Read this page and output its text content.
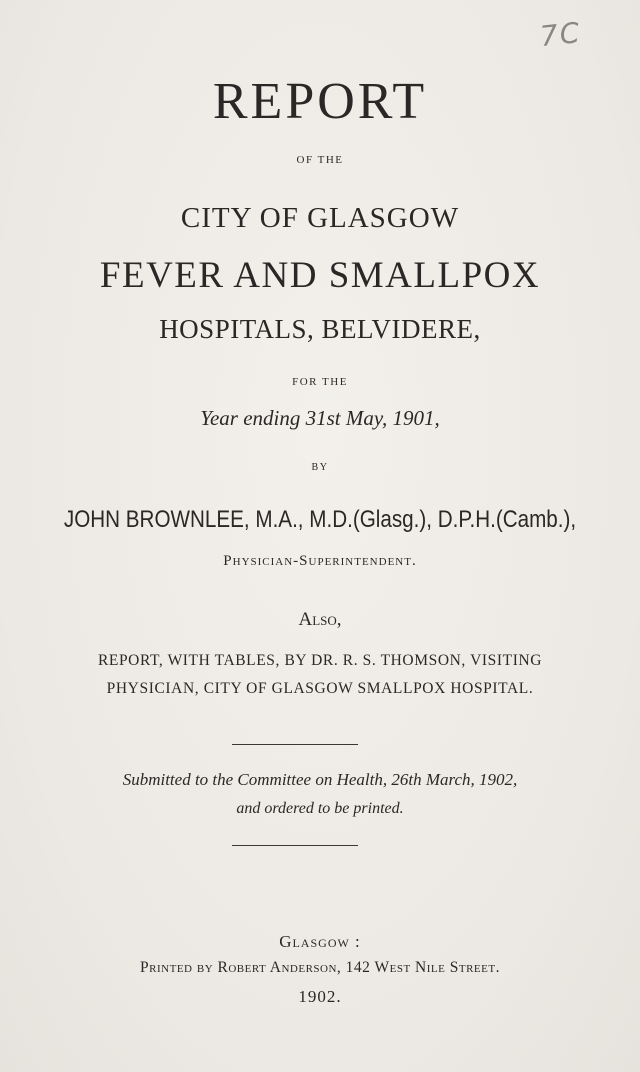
7C
REPORT
OF THE
CITY OF GLASGOW
FEVER AND SMALLPOX
HOSPITALS, BELVIDERE,
FOR THE
Year ending 31st May, 1901,
BY
JOHN BROWNLEE, M.A., M.D.(Glasg.), D.P.H.(Camb.),
Physician-Superintendent.
Also,
REPORT, WITH TABLES, BY DR. R. S. THOMSON, VISITING
PHYSICIAN, CITY OF GLASGOW SMALLPOX HOSPITAL.
Submitted to the Committee on Health, 26th March, 1902,
and ordered to be printed.
Glasgow :
Printed by Robert Anderson, 142 West Nile Street.
1902.
